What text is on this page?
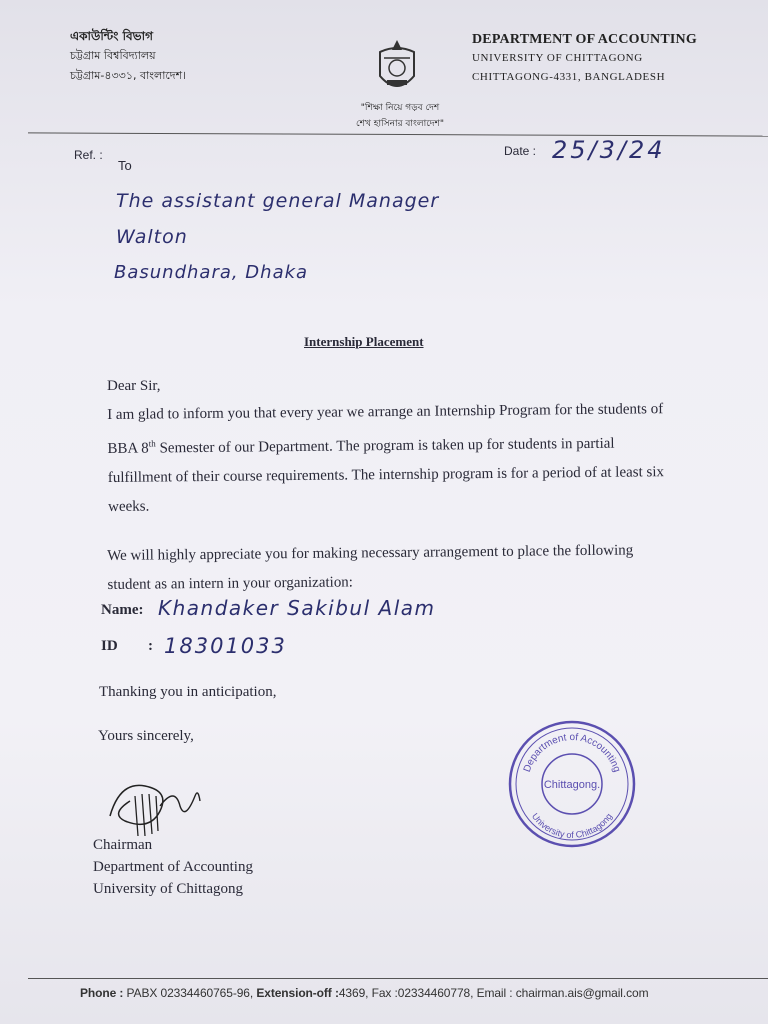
একাউন্টিং বিভাগ
চট্টগ্রাম বিশ্ববিদ্যালয়
চট্টগ্রাম-৪৩৩১, বাংলাদেশ।
"শিক্ষা নিয়ে গড়ব দেশ
শেখ হাসিনার বাংলাদেশ"
DEPARTMENT OF ACCOUNTING
UNIVERSITY OF CHITTAGONG
CHITTAGONG-4331, BANGLADESH
Ref. :
To
Date : 25/3/24
The assistant general Manager
Walton
Basundhara, Dhaka
Internship Placement
Dear Sir,

I am glad to inform you that every year we arrange an Internship Program for the students of BBA 8th Semester of our Department. The program is taken up for students in partial fulfillment of their course requirements. The internship program is for a period of at least six weeks.

We will highly appreciate you for making necessary arrangement to place the following student as an intern in your organization:

Name: Khandaker Sakibul Alam
ID : 18301033
Thanking you in anticipation,
Yours sincerely,
Chairman
Department of Accounting
University of Chittagong
Department of Accounting
University of Chittagong
Chittagong.
Phone : PABX 02334460765-96, Extension-off :4369, Fax :02334460778, Email : chairman.ais@gmail.com
